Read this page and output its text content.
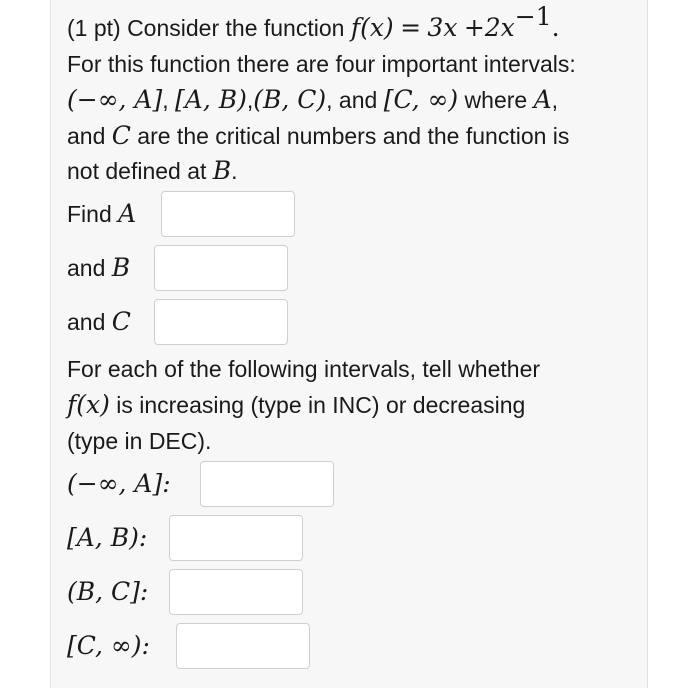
(1 pt) Consider the function $f(x) = 3x +2x^{-1}$.
For this function there are four important intervals:
(−∞, A], [A, B),(B, C), and [C, ∞) where A,
and C are the critical numbers and the function is
not defined at B.
Find A
and B
and C
For each of the following intervals, tell whether
f(x) is increasing (type in INC) or decreasing
(type in DEC).
(−∞, A]:
[A, B):
(B, C]:
[C, ∞):
